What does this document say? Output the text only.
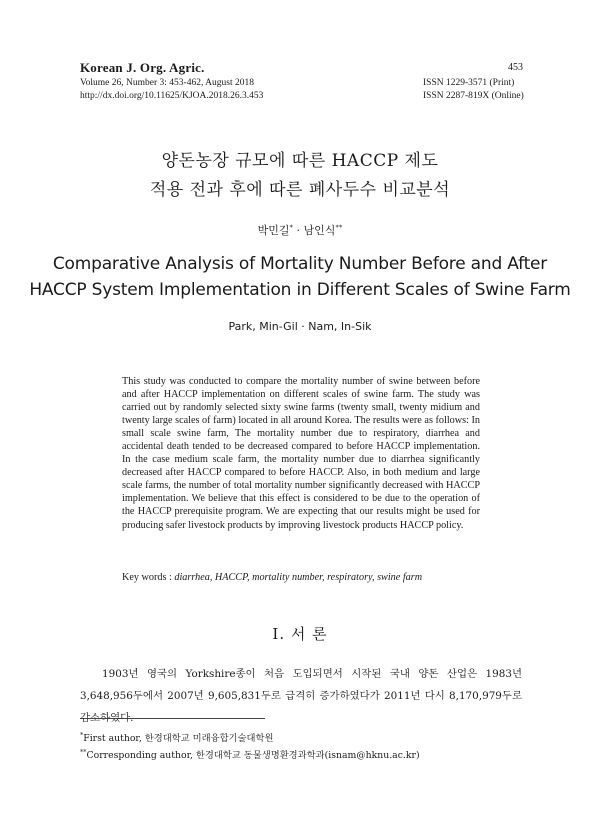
Korean J. Org. Agric.
Volume 26, Number 3: 453-462, August 2018
http://dx.doi.org/10.11625/KJOA.2018.26.3.453
453
ISSN 1229-3571 (Print)
ISSN 2287-819X (Online)
양돈농장 규모에 따른 HACCP 제도
적용 전과 후에 따른 폐사두수 비교분석
박민길* · 남인식**
Comparative Analysis of Mortality Number Before and After
HACCP System Implementation in Different Scales of Swine Farm
Park, Min-Gil · Nam, In-Sik
This study was conducted to compare the mortality number of swine between before and after HACCP implementation on different scales of swine farm. The study was carried out by randomly selected sixty swine farms (twenty small, twenty midium and twenty large scales of farm) located in all around Korea. The results were as follows: In small scale swine farm, The mortality number due to respiratory, diarrhea and accidental death tended to be decreased compared to before HACCP implementation. In the case medium scale farm, the mortality number due to diarrhea significantly decreased after HACCP compared to before HACCP. Also, in both medium and large scale farms, the number of total mortality number significantly decreased with HACCP implementation. We believe that this effect is considered to be due to the operation of the HACCP prerequisite program. We are expecting that our results might be used for producing safer livestock products by improving livestock products HACCP policy.
Key words : diarrhea, HACCP, mortality number, respiratory, swine farm
Ⅰ. 서 론

1903년 영국의 Yorkshire종이 처음 도입되면서 시작된 국내 양돈 산업은 1983년 3,648,956두에서 2007년 9,605,831두로 급격히 증가하였다가 2011년 다시 8,170,979두로 감소하였다.

*First author, 한경대학교 미래융합기술대학원
**Corresponding author, 한경대학교 동물생명환경과학과(isnam@hknu.ac.kr)
